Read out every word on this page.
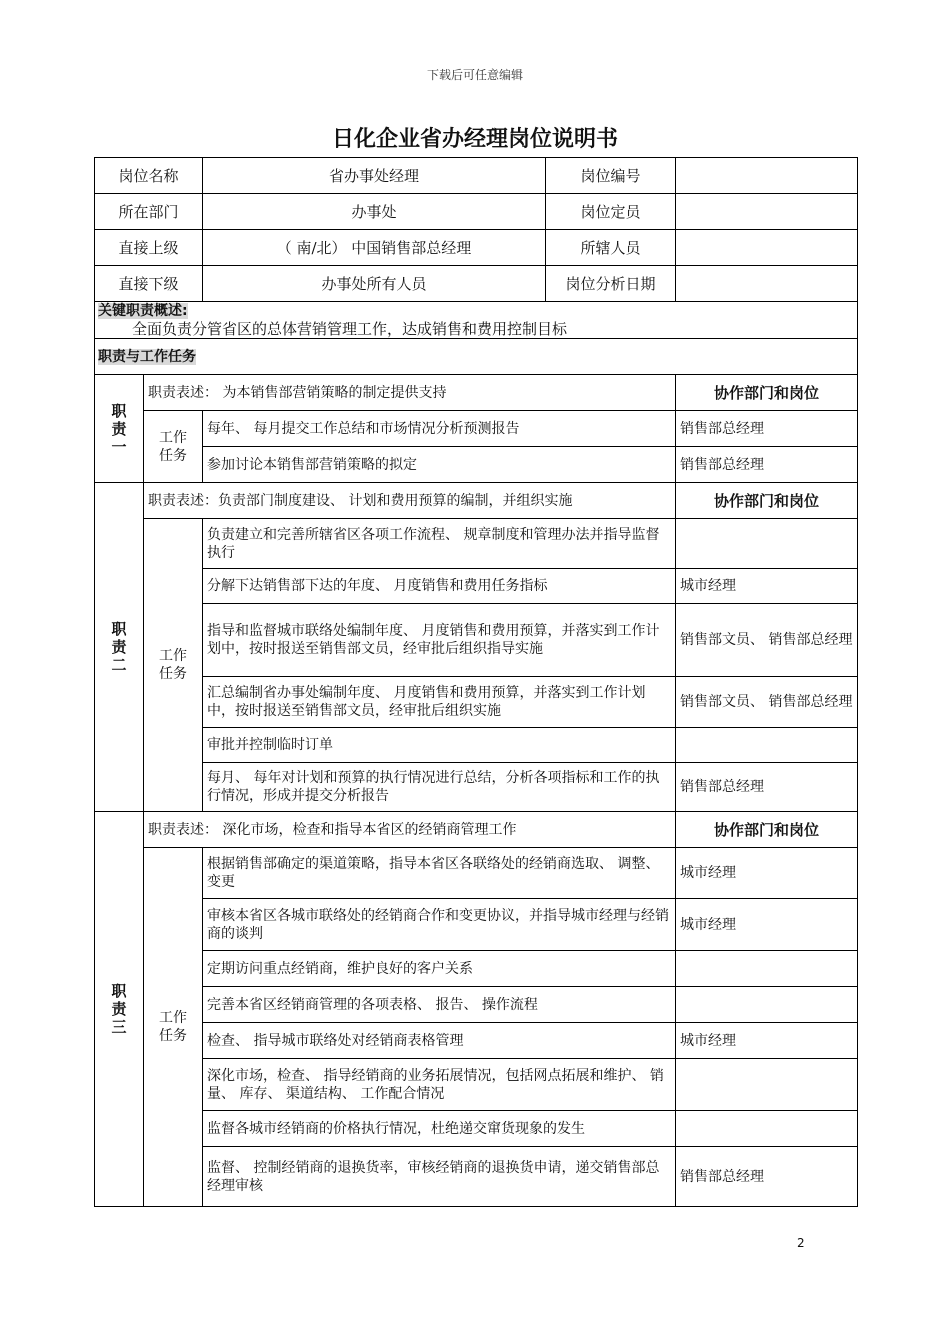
下载后可任意编辑
日化企业省办经理岗位说明书
岗位名称		省办事处经理	岗位编号	
所在部门		办事处	岗位定员	
直接上级		（ 南/北） 中国销售部总经理	所辖人员	
直接下级		办事处所有人员	岗位分析日期	
关键职责概述:
全面负责分管省区的总体营销管理工作，达成销售和费用控制目标				

职责与工作任务				

职
责
一	职责表述： 为本销售部营销策略的制定提供支持			协作部门和岗位

	工作
任务	每年、 每月提交工作总结和市场情况分析预测报告		销售部总经理
		参加讨论本销售部营销策略的拟定		销售部总经理

职
责
二	职责表述：负责部门制度建设、 计划和费用预算的编制，并组织实施			协作部门和岗位

	工作
任务	负责建立和完善所辖省区各项工作流程、 规章制度和管理办法并指导监督执行		
		分解下达销售部下达的年度、 月度销售和费用任务指标		城市经理
		指导和监督城市联络处编制年度、 月度销售和费用预算，并落实到工作计划中，按时报送至销售部文员，经审批后组织指导实施		销售部文员、 销售部总经理
		汇总编制省办事处编制年度、 月度销售和费用预算，并落实到工作计划中，按时报送至销售部文员，经审批后组织实施		销售部文员、 销售部总经理
		审批并控制临时订单		
		每月、 每年对计划和预算的执行情况进行总结，分析各项指标和工作的执行情况，形成并提交分析报告		销售部总经理

职
责
三	职责表述： 深化市场，检查和指导本省区的经销商管理工作			协作部门和岗位

	工作
任务	根据销售部确定的渠道策略，指导本省区各联络处的经销商选取、 调整、 变更		城市经理
		审核本省区各城市联络处的经销商合作和变更协议，并指导城市经理与经销商的谈判		城市经理
		定期访问重点经销商，维护良好的客户关系		
		完善本省区经销商管理的各项表格、 报告、 操作流程		
		检查、 指导城市联络处对经销商表格管理		城市经理
		深化市场，检查、 指导经销商的业务拓展情况，包括网点拓展和维护、 销量、 库存、 渠道结构、 工作配合情况		
		监督各城市经销商的价格执行情况，杜绝递交窜货现象的发生		
		监督、 控制经销商的退换货率，审核经销商的退换货申请，递交销售部总经理审核		销售部总经理
2
